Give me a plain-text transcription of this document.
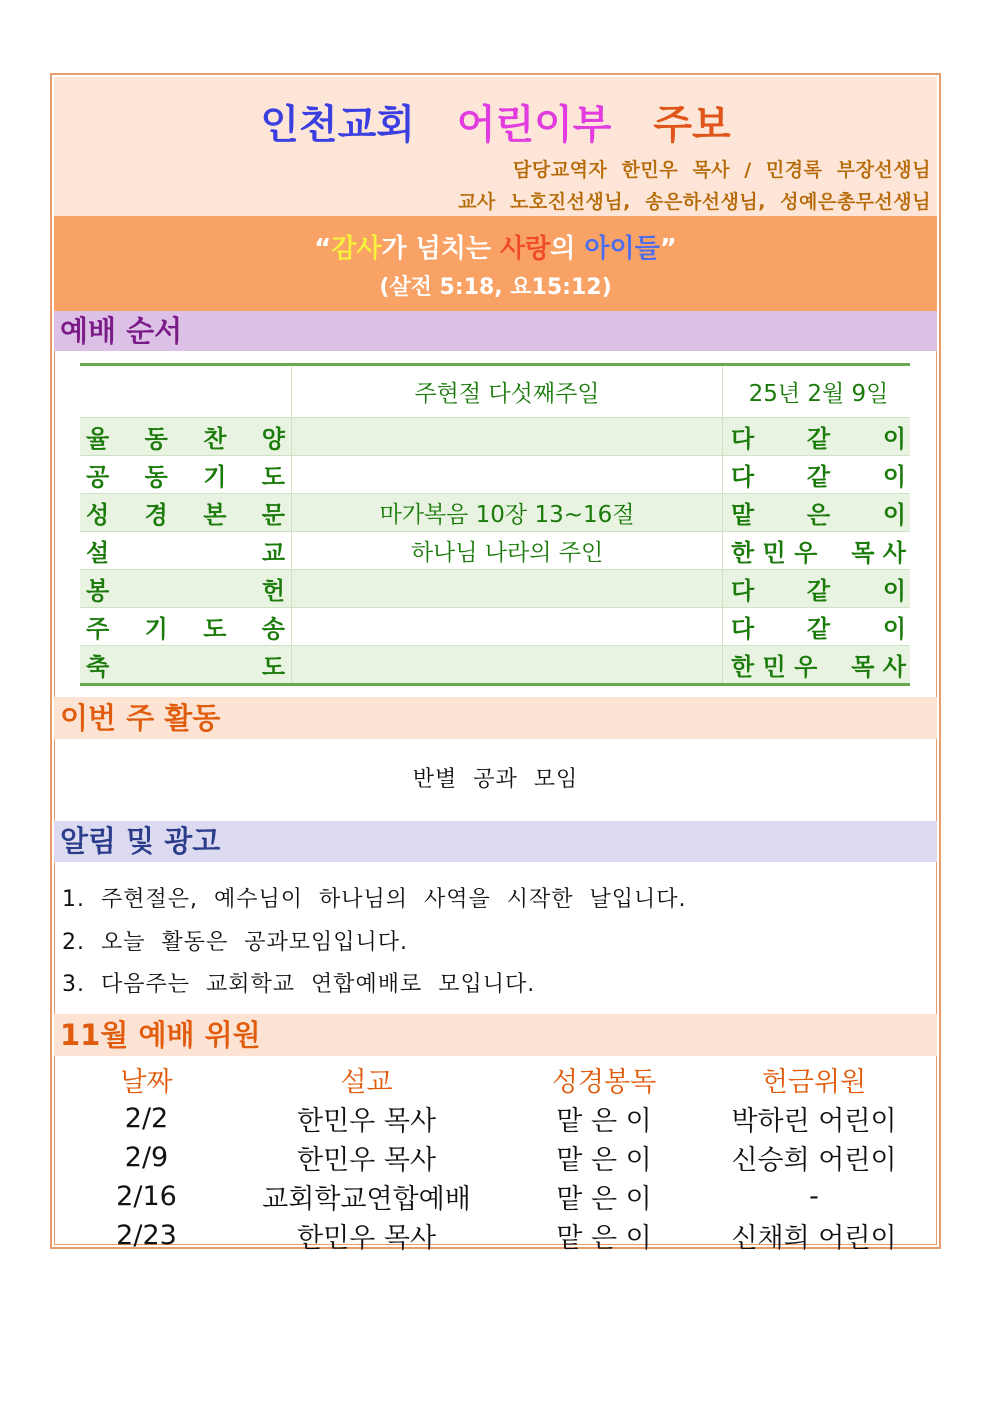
인천교회 어린이부 주보
담당교역자  한민우  목사  /  민경록  부장선생님
교사  노호진선생님,  송은하선생님,  성예은총무선생님
“감사가 넘치는 사랑의 아이들”
(살전 5:18, 요15:12)
예배 순서
	주현절 다섯째주일	25년 2월 9일

율 동 찬 양		다 같 이

공 동 기 도		다 같 이

성 경 본 문	마가복음 10장 13~16절	맡 은 이

설 교	하나님 나라의 주인	한 민 우 목 사

봉 헌		다 같 이

주 기 도 송		다 같 이

축 도		한 민 우 목 사
이번 주 활동
반별  공과  모임
알림 및 광고
1.  주현절은,  예수님이  하나님의  사역을  시작한  날입니다.
2.  오늘  활동은  공과모임입니다.
3.  다음주는  교회학교  연합예배로  모입니다.
11월 예배 위원
날짜	설교	성경봉독	헌금위원
2/2	한민우 목사	맡 은 이	박하린 어린이
2/9	한민우 목사	맡 은 이	신승희 어린이
2/16	교회학교연합예배	맡 은 이	-
2/23	한민우 목사	맡 은 이	신채희 어린이
